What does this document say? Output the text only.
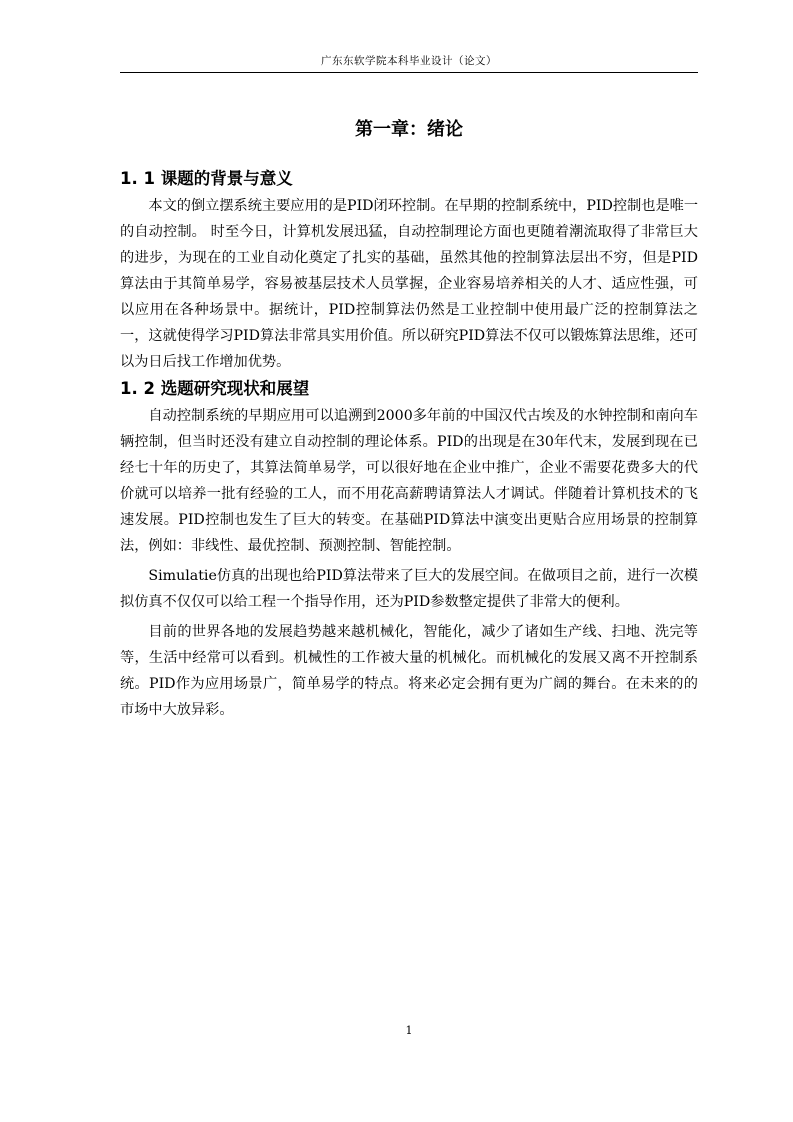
广东东软学院本科毕业设计（论文）
第一章：绪论
1. 1 课题的背景与意义

本文的倒立摆系统主要应用的是PID闭环控制。在早期的控制系统中，PID控制也是唯一的自动控制。 时至今日，计算机发展迅猛，自动控制理论方面也更随着潮流取得了非常巨大的进步，为现在的工业自动化奠定了扎实的基础，虽然其他的控制算法层出不穷，但是PID算法由于其简单易学，容易被基层技术人员掌握，企业容易培养相关的人才、适应性强，可以应用在各种场景中。据统计，PID控制算法仍然是工业控制中使用最广泛的控制算法之一，这就使得学习PID算法非常具实用价值。所以研究PID算法不仅可以锻炼算法思维，还可以为日后找工作增加优势。

1. 2 选题研究现状和展望

自动控制系统的早期应用可以追溯到2000多年前的中国汉代古埃及的水钟控制和南向车辆控制，但当时还没有建立自动控制的理论体系。PID的出现是在30年代末，发展到现在已经七十年的历史了，其算法简单易学，可以很好地在企业中推广，企业不需要花费多大的代价就可以培养一批有经验的工人，而不用花高薪聘请算法人才调试。伴随着计算机技术的飞速发展。PID控制也发生了巨大的转变。在基础PID算法中演变出更贴合应用场景的控制算法，例如：非线性、最优控制、预测控制、智能控制。

Simulatie仿真的出现也给PID算法带来了巨大的发展空间。在做项目之前，进行一次模拟仿真不仅仅可以给工程一个指导作用，还为PID参数整定提供了非常大的便利。

目前的世界各地的发展趋势越来越机械化，智能化，减少了诸如生产线、扫地、洗完等等，生活中经常可以看到。机械性的工作被大量的机械化。而机械化的发展又离不开控制系统。PID作为应用场景广，简单易学的特点。将来必定会拥有更为广阔的舞台。在未来的的市场中大放异彩。

1
